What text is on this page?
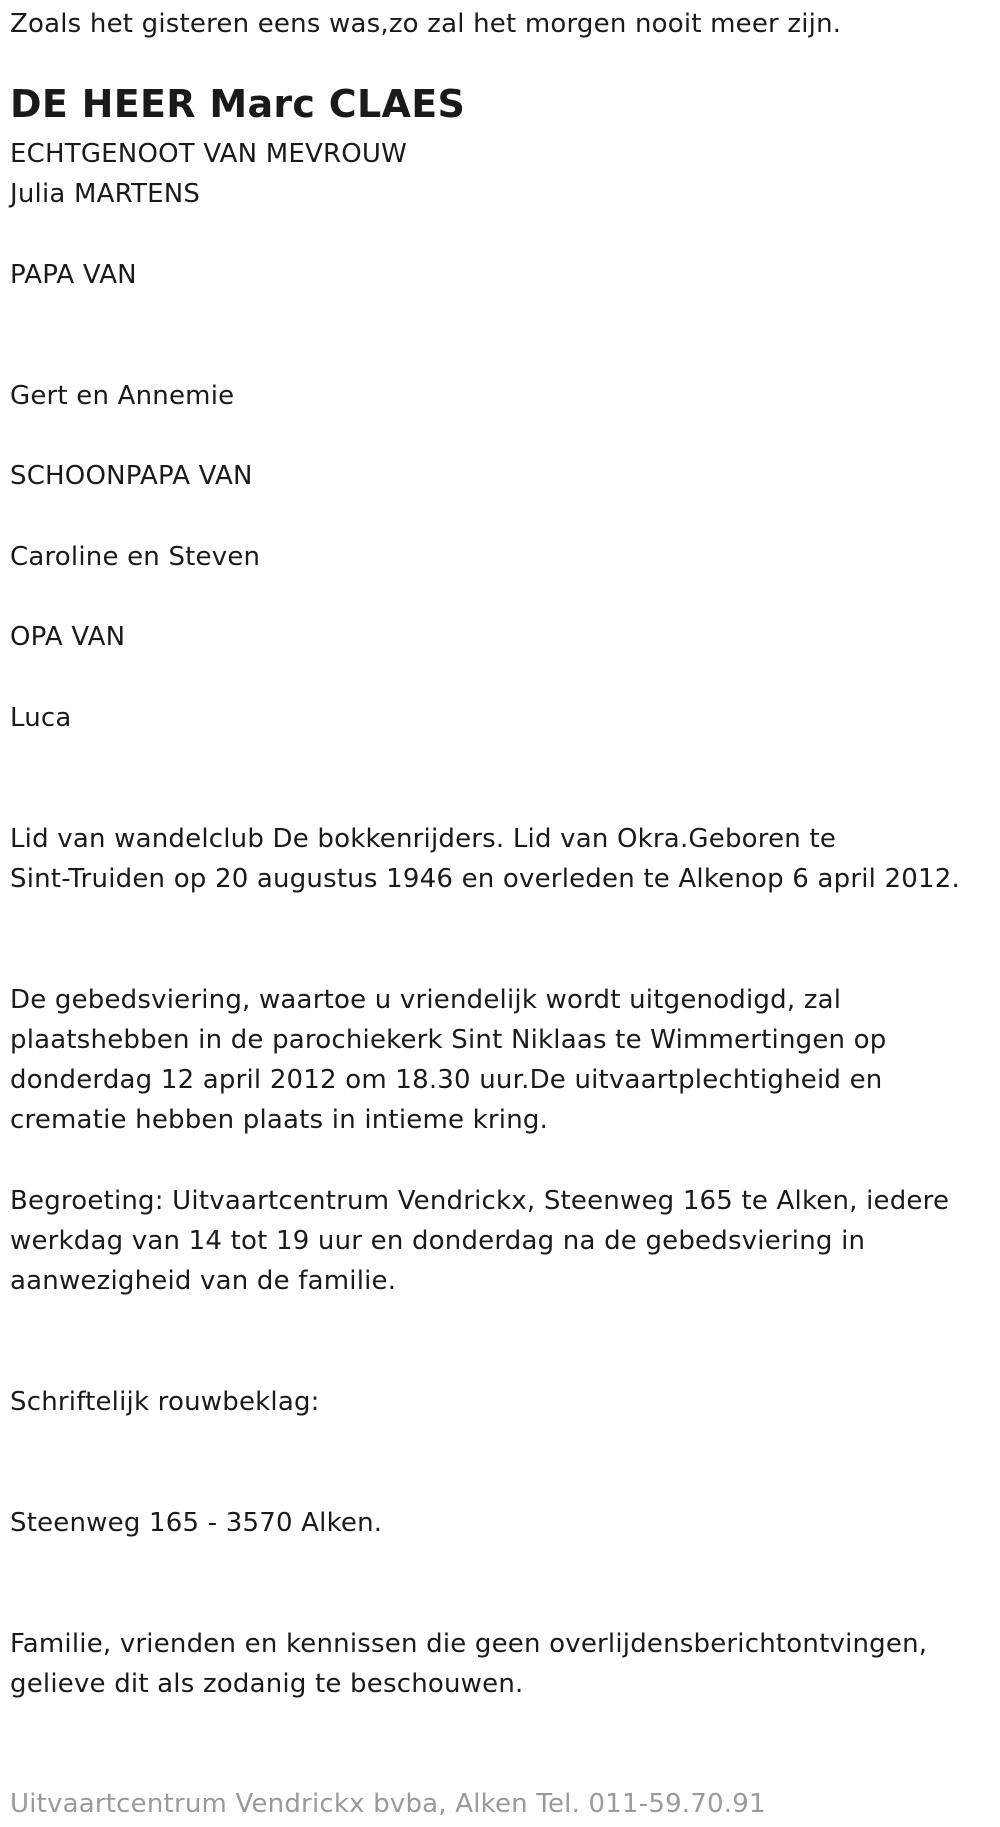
Zoals het gisteren eens was,zo zal het morgen nooit meer zijn.
DE HEER Marc CLAES
ECHTGENOOT VAN MEVROUW
Julia MARTENS
PAPA VAN
Gert en Annemie
SCHOONPAPA VAN
Caroline en Steven
OPA VAN
Luca
Lid van wandelclub De bokkenrijders. Lid van Okra.Geboren te
Sint-Truiden op 20 augustus 1946 en overleden te Alkenop 6 april 2012.
De gebedsviering, waartoe u vriendelijk wordt uitgenodigd, zal
plaatshebben in de parochiekerk Sint Niklaas te Wimmertingen op
donderdag 12 april 2012 om 18.30 uur.De uitvaartplechtigheid en
crematie hebben plaats in intieme kring.
Begroeting: Uitvaartcentrum Vendrickx, Steenweg 165 te Alken, iedere
werkdag van 14 tot 19 uur en donderdag na de gebedsviering in
aanwezigheid van de familie.
Schriftelijk rouwbeklag:
Steenweg 165 - 3570 Alken.
Familie, vrienden en kennissen die geen overlijdensberichtontvingen,
gelieve dit als zodanig te beschouwen.
Uitvaartcentrum Vendrickx bvba, Alken Tel. 011-59.70.91
